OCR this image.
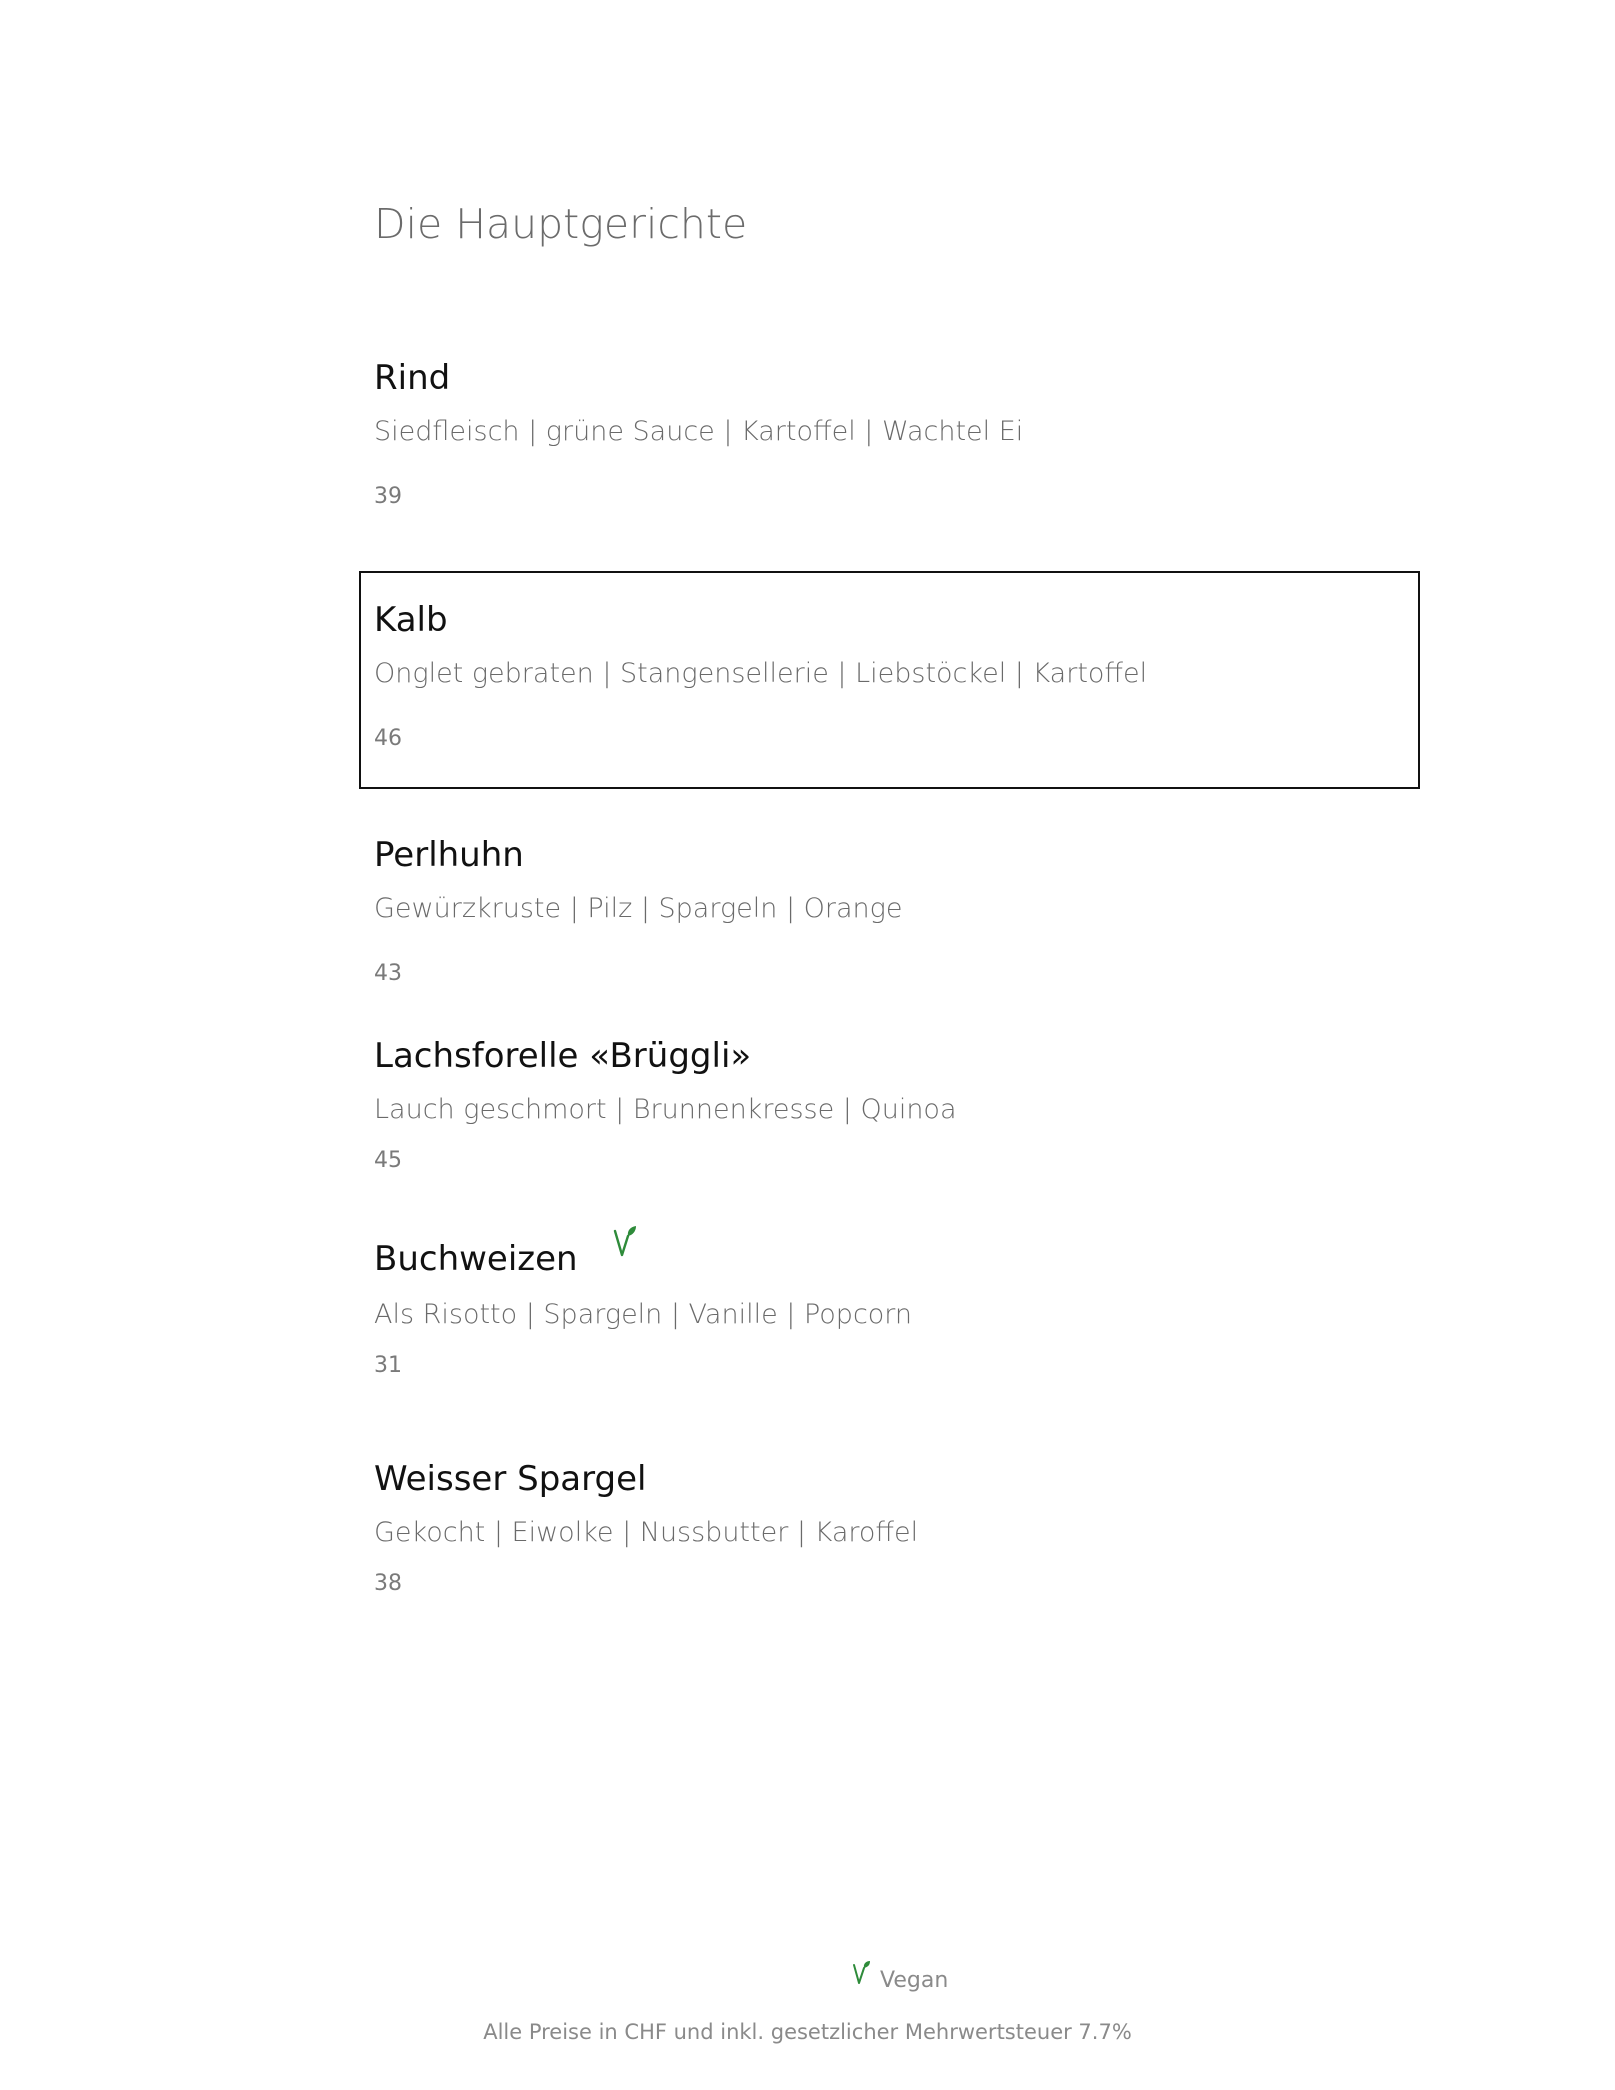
Die Hauptgerichte
Rind
Siedfleisch | grüne Sauce | Kartoffel | Wachtel Ei
39
Kalb
Onglet gebraten | Stangensellerie | Liebstöckel | Kartoffel
46
Perlhuhn
Gewürzkruste | Pilz | Spargeln | Orange
43
Lachsforelle «Brüggli»
Lauch geschmort | Brunnenkresse | Quinoa
45
Buchweizen
Als Risotto | Spargeln | Vanille | Popcorn
31
Weisser Spargel
Gekocht | Eiwolke | Nussbutter | Karoffel
38
Vegan
Alle Preise in CHF und inkl. gesetzlicher Mehrwertsteuer 7.7%
